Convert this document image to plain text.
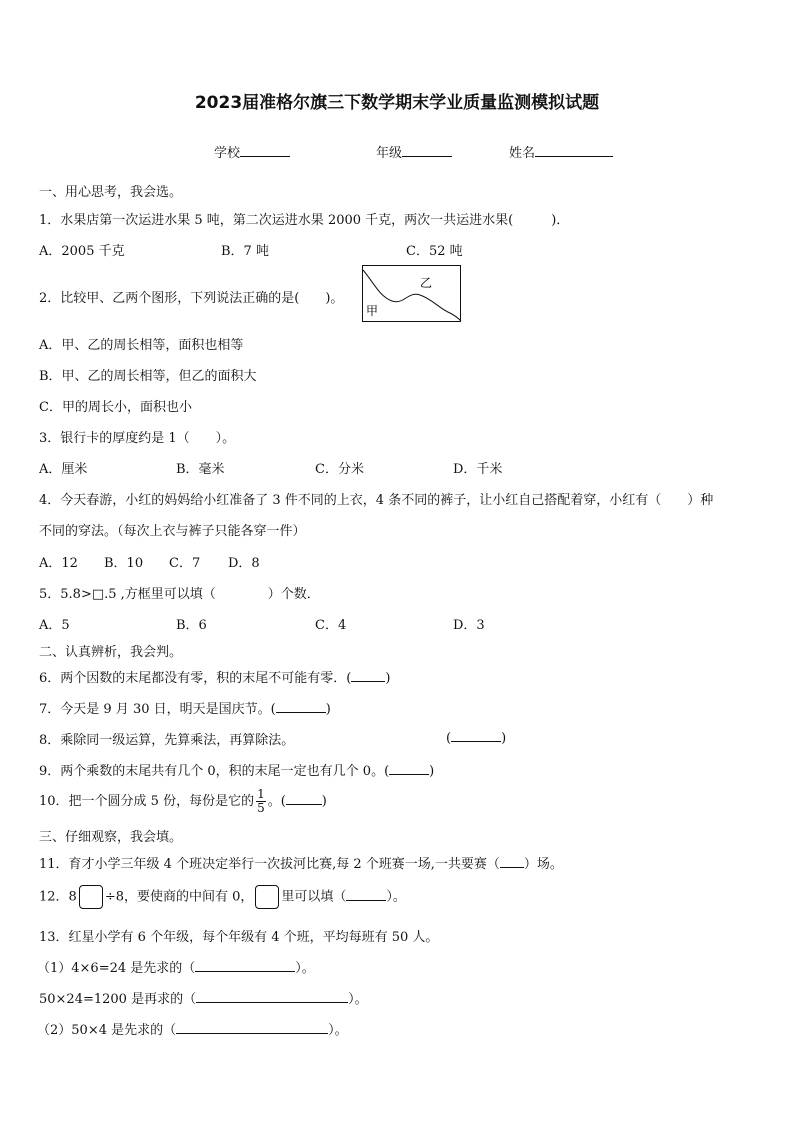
2023届准格尔旗三下数学期末学业质量监测模拟试题
学校	年级	姓名
一、用心思考，我会选。
1．水果店第一次运进水果 5 吨，第二次运进水果 2000 千克，两次一共运进水果(	)．
A．2005 千克	B．7 吨	C．52 吨
2．比较甲、乙两个图形，下列说法正确的是(　　)。
甲
乙
A．甲、乙的周长相等，面积也相等
B．甲、乙的周长相等，但乙的面积大
C．甲的周长小，面积也小
3．银行卡的厚度约是 1（　　）。
A．厘米	B．毫米	C．分米	D．千米
4．今天春游，小红的妈妈给小红准备了 3 件不同的上衣，4 条不同的裤子，让小红自己搭配着穿，小红有（　　）种
不同的穿法。（每次上衣与裤子只能各穿一件）
A．12 B．10 C．7 D．8
5．5.8>□.5 ,方框里可以填（　　　　）个数．
A．5	B．6	C．4	D．3
二、认真辨析，我会判。
6．两个因数的末尾都没有零，积的末尾不可能有零．(	)
7．今天是 9 月 30 日，明天是国庆节。(	)
8．乘除同一级运算，先算乘法，再算除法。	(	)
9．两个乘数的末尾共有几个 0，积的末尾一定也有几个 0。(	)
10．把一个圆分成 5 份，每份是它的 $\frac{1}{5}$ 。(	)
三、仔细观察，我会填。
11．育才小学三年级 4 个班决定举行一次拔河比赛,每 2 个班赛一场,一共要赛（ ）场。
12．8 ÷8，要使商的中间有 0， 里可以填（	）。
13．红星小学有 6 个年级，每个年级有 4 个班，平均每班有 50 人。
（1）4×6=24 是先求的（	）。
50×24=1200 是再求的（	）。
（2）50×4 是先求的（	）。
